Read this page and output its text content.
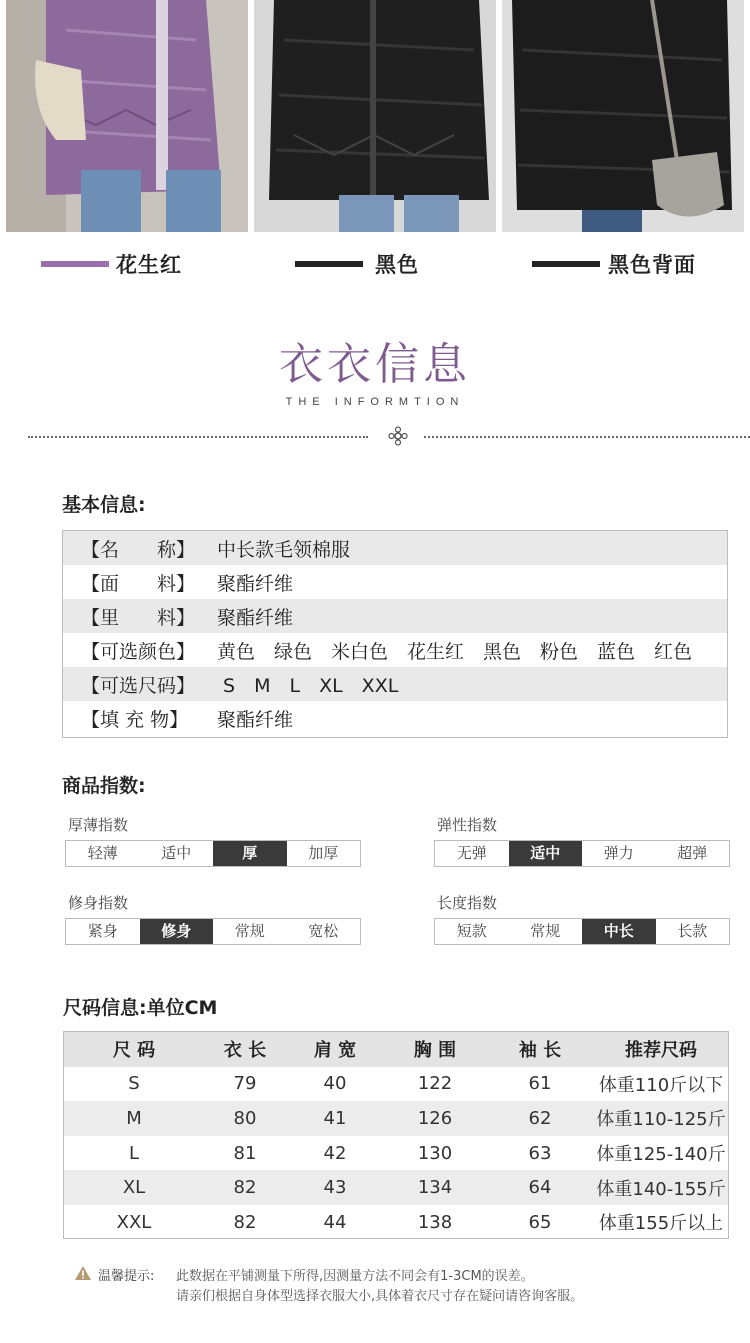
花生红	黑色	黑色背面
衣衣信息
THE INFORMTION
基本信息:
【名　　称】	中长款毛领棉服
【面　　料】	聚酯纤维
【里　　料】	聚酯纤维
【可选颜色】	黄色　绿色　米白色　花生红　黑色　粉色　蓝色　红色
【可选尺码】	S　M　L　XL　XXL
【填 充 物】	聚酯纤维
商品指数:
厚薄指数
轻薄	适中	厚	加厚
弹性指数
无弹	适中	弹力	超弹
修身指数
紧身	修身	常规	宽松
长度指数
短款	常规	中长	长款
尺码信息:单位CM
尺 码	衣 长	肩 宽	胸 围	袖 长	推荐尺码
S	79	40	122	61	体重110斤以下
M	80	41	126	62	体重110-125斤
L	81	42	130	63	体重125-140斤
XL	82	43	134	64	体重140-155斤
XXL	82	44	138	65	体重155斤以上
温馨提示: 此数据在平铺测量下所得,因测量方法不同会有1-3CM的误差。
请亲们根据自身体型选择衣服大小,具体着衣尺寸存在疑问请咨询客服。
